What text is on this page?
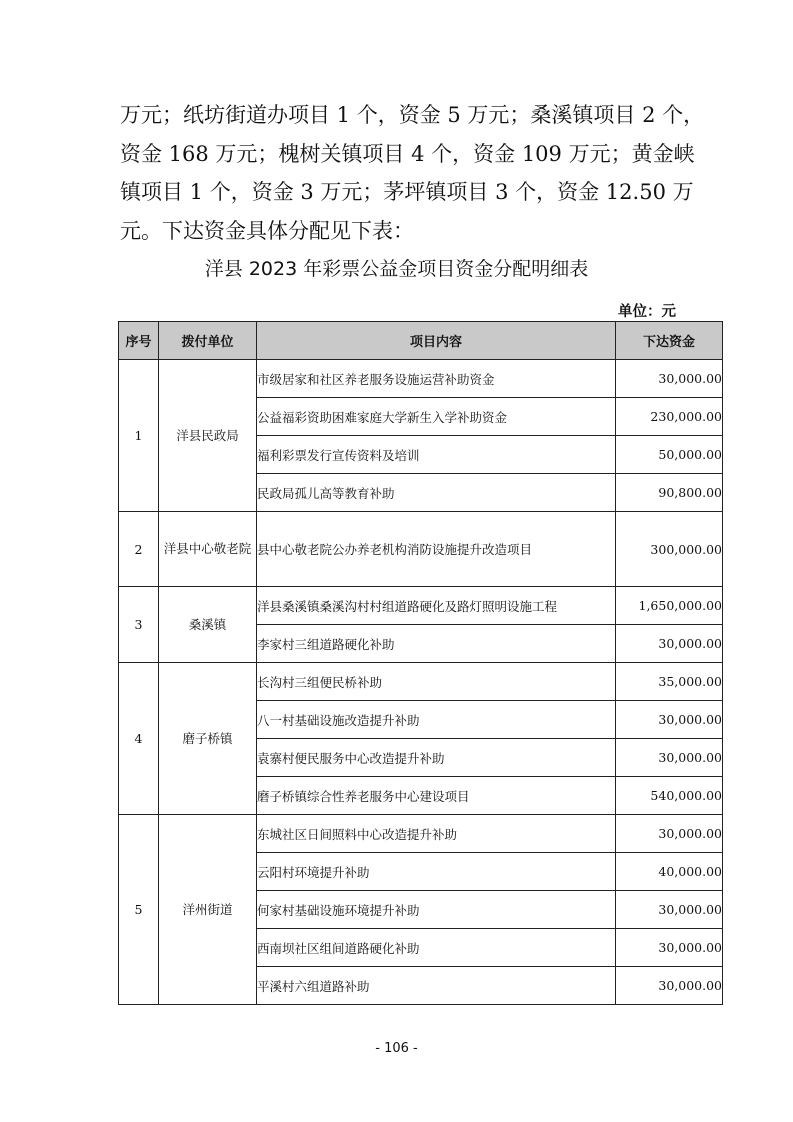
万元；纸坊街道办项目 1 个，资金 5 万元；桑溪镇项目 2 个，

资金 168 万元；槐树关镇项目 4 个，资金 109 万元；黄金峡

镇项目 1 个，资金 3 万元；茅坪镇项目 3 个，资金 12.50 万

元。下达资金具体分配见下表：

洋县 2023 年彩票公益金项目资金分配明细表
单位：元
序号	拨付单位	项目内容	下达资金
1	洋县民政局	市级居家和社区养老服务设施运营补助资金	30,000.00
		公益福彩资助困难家庭大学新生入学补助资金	230,000.00
		福利彩票发行宣传资料及培训	50,000.00
		民政局孤儿高等教育补助	90,800.00
2	洋县中心敬老院	县中心敬老院公办养老机构消防设施提升改造项目	300,000.00
3	桑溪镇	洋县桑溪镇桑溪沟村村组道路硬化及路灯照明设施工程	1,650,000.00
		李家村三组道路硬化补助	30,000.00
4	磨子桥镇	长沟村三组便民桥补助	35,000.00
		八一村基础设施改造提升补助	30,000.00
		袁寨村便民服务中心改造提升补助	30,000.00
		磨子桥镇综合性养老服务中心建设项目	540,000.00
5	洋州街道	东城社区日间照料中心改造提升补助	30,000.00
		云阳村环境提升补助	40,000.00
		何家村基础设施环境提升补助	30,000.00
		西南坝社区组间道路硬化补助	30,000.00
		平溪村六组道路补助	30,000.00
- 106 -
